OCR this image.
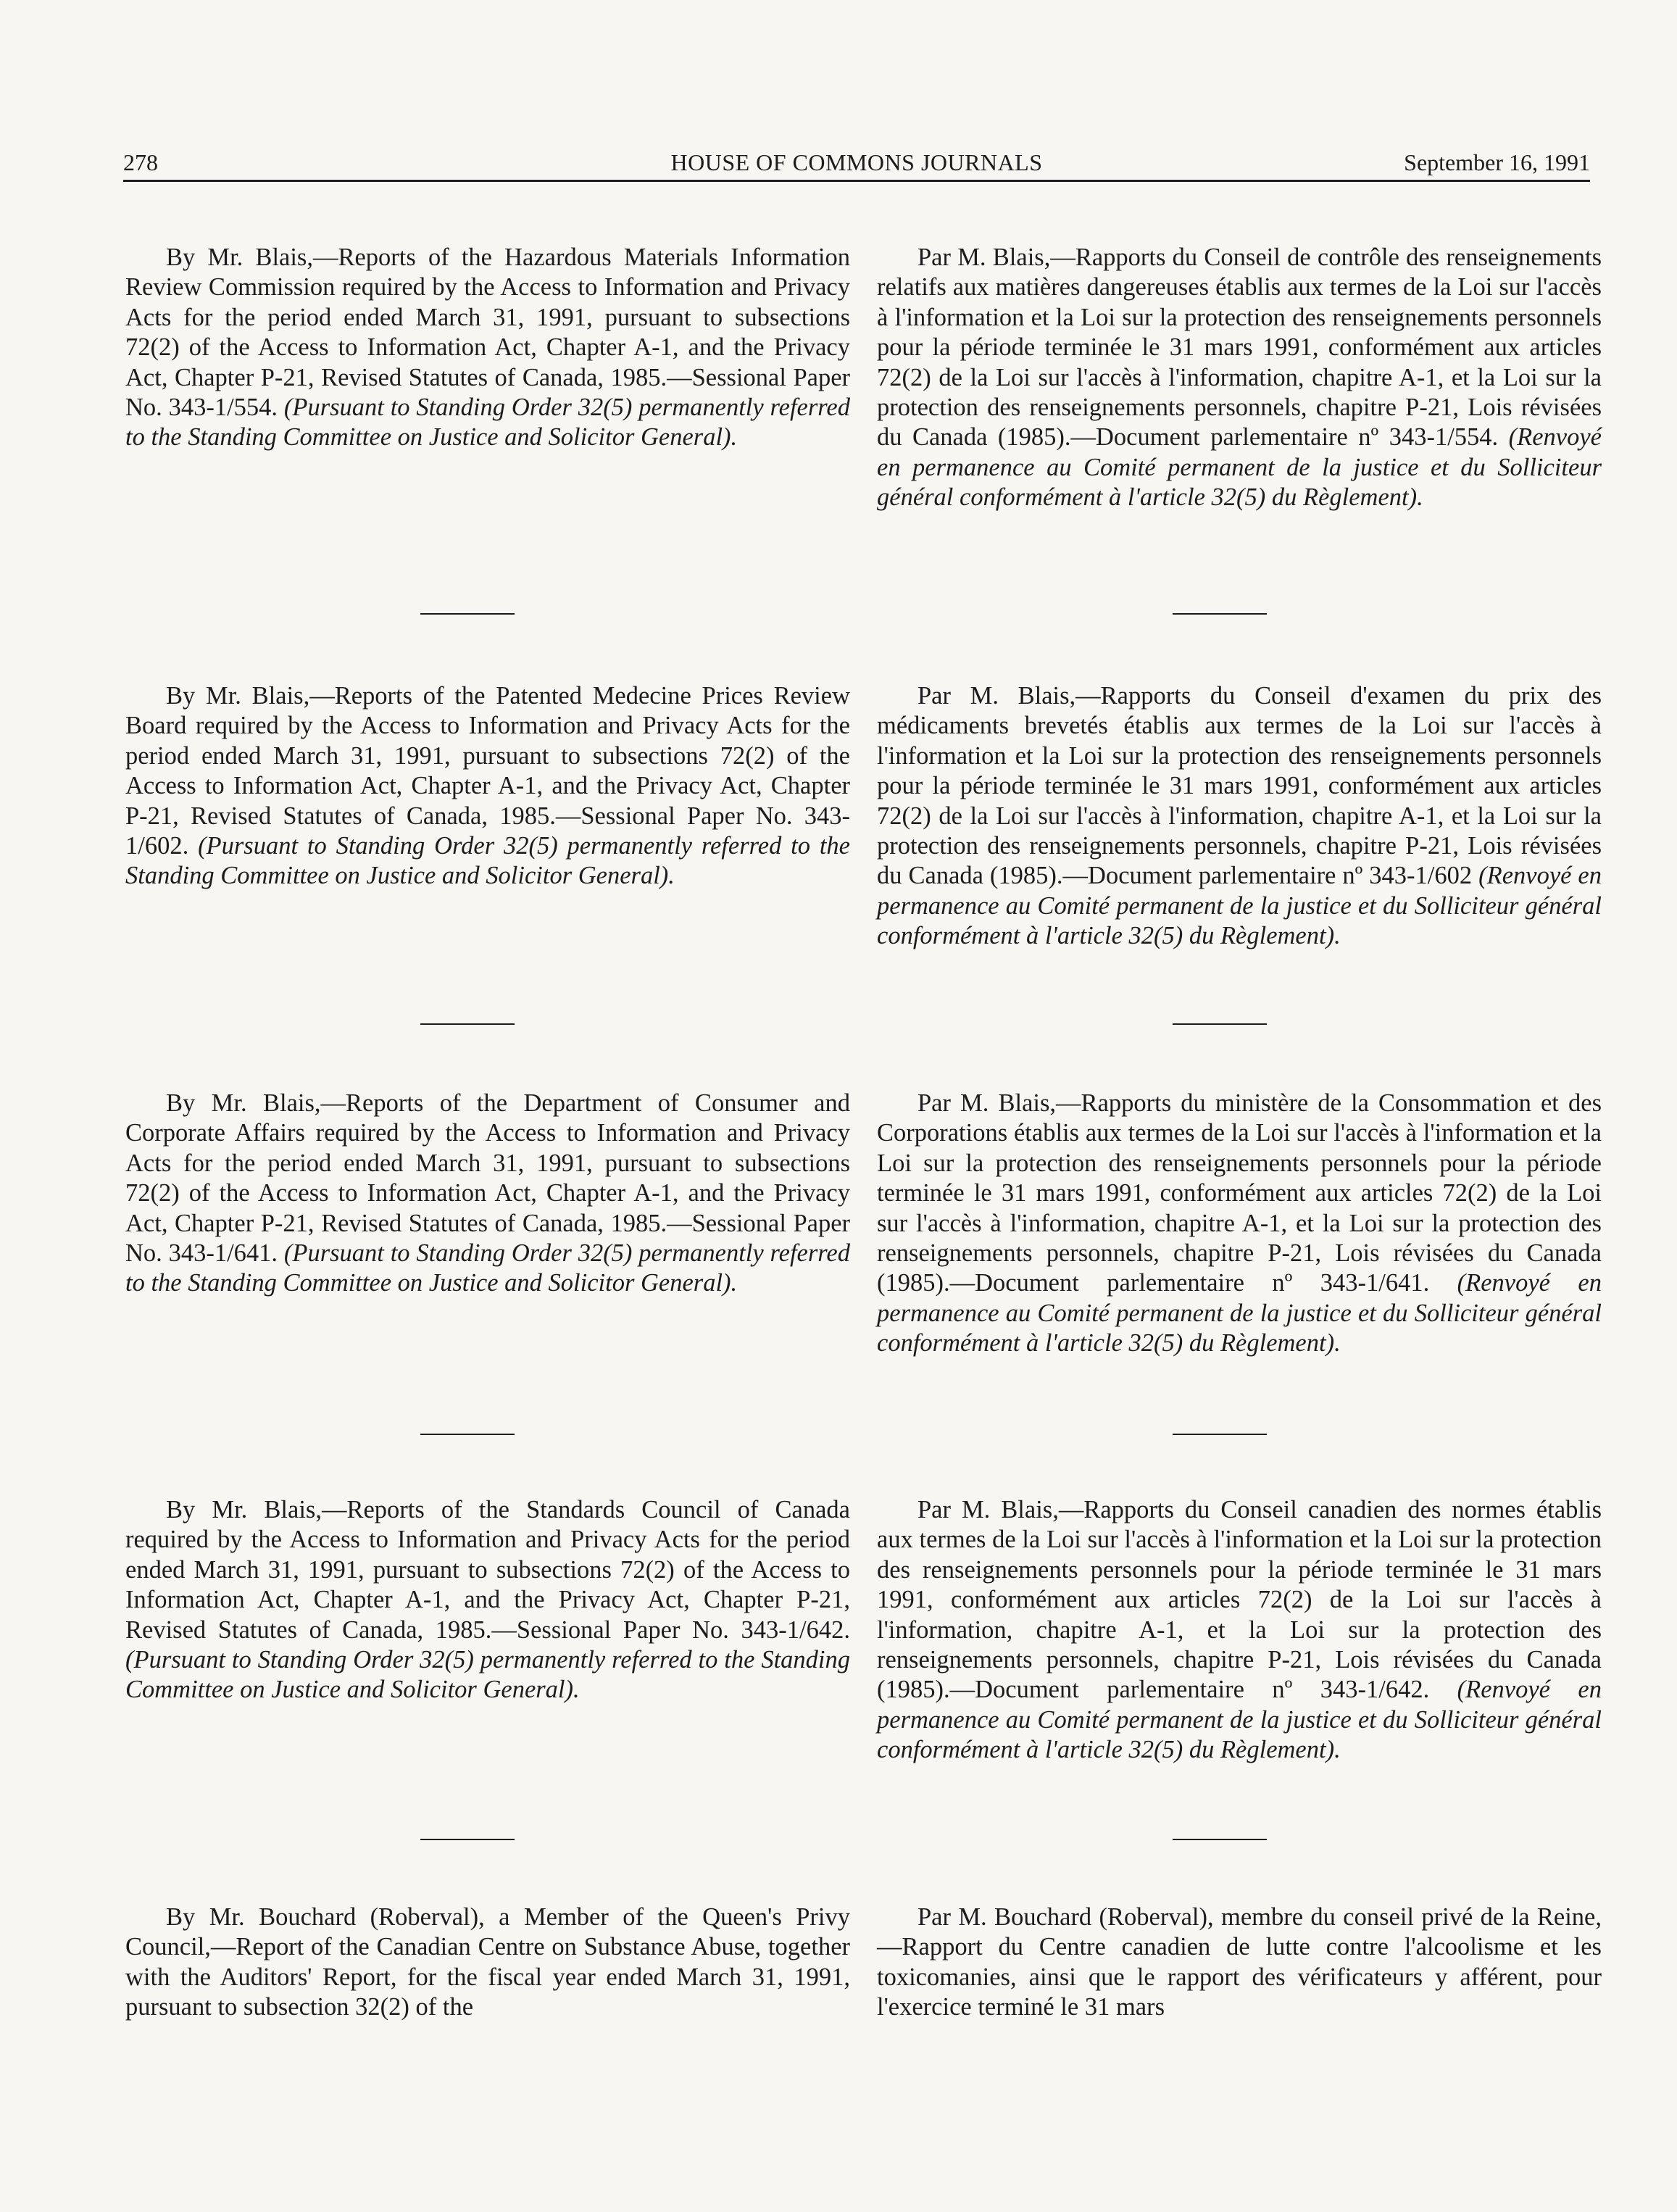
278	HOUSE OF COMMONS JOURNALS	September 16, 1991

By Mr. Blais,—Reports of the Hazardous Materials Information Review Commission required by the Access to Information and Privacy Acts for the period ended March 31, 1991, pursuant to subsections 72(2) of the Access to Information Act, Chapter A-1, and the Privacy Act, Chapter P-21, Revised Statutes of Canada, 1985.—Sessional Paper No. 343-1/554. (Pursuant to Standing Order 32(5) permanently referred to the Standing Committee on Justice and Solicitor General).

Par M. Blais,—Rapports du Conseil de contrôle des renseignements relatifs aux matières dangereuses établis aux termes de la Loi sur l'accès à l'information et la Loi sur la protection des renseignements personnels pour la période terminée le 31 mars 1991, conformément aux articles 72(2) de la Loi sur l'accès à l'information, chapitre A-1, et la Loi sur la protection des renseignements personnels, chapitre P-21, Lois révisées du Canada (1985).—Document parlementaire nº 343-1/554. (Renvoyé en permanence au Comité permanent de la justice et du Solliciteur général conformément à l'article 32(5) du Règlement).

By Mr. Blais,—Reports of the Patented Medecine Prices Review Board required by the Access to Information and Privacy Acts for the period ended March 31, 1991, pursuant to subsections 72(2) of the Access to Information Act, Chapter A-1, and the Privacy Act, Chapter P-21, Revised Statutes of Canada, 1985.—Sessional Paper No. 343-1/602. (Pursuant to Standing Order 32(5) permanently referred to the Standing Committee on Justice and Solicitor General).

Par M. Blais,—Rapports du Conseil d'examen du prix des médicaments brevetés établis aux termes de la Loi sur l'accès à l'information et la Loi sur la protection des renseignements personnels pour la période terminée le 31 mars 1991, conformément aux articles 72(2) de la Loi sur l'accès à l'information, chapitre A-1, et la Loi sur la protection des renseignements personnels, chapitre P-21, Lois révisées du Canada (1985).—Document parlementaire nº 343-1/602 (Renvoyé en permanence au Comité permanent de la justice et du Solliciteur général conformément à l'article 32(5) du Règlement).

By Mr. Blais,—Reports of the Department of Consumer and Corporate Affairs required by the Access to Information and Privacy Acts for the period ended March 31, 1991, pursuant to subsections 72(2) of the Access to Information Act, Chapter A-1, and the Privacy Act, Chapter P-21, Revised Statutes of Canada, 1985.—Sessional Paper No. 343-1/641. (Pursuant to Standing Order 32(5) permanently referred to the Standing Committee on Justice and Solicitor General).

Par M. Blais,—Rapports du ministère de la Consommation et des Corporations établis aux termes de la Loi sur l'accès à l'information et la Loi sur la protection des renseignements personnels pour la période terminée le 31 mars 1991, conformément aux articles 72(2) de la Loi sur l'accès à l'information, chapitre A-1, et la Loi sur la protection des renseignements personnels, chapitre P-21, Lois révisées du Canada (1985).—Document parlementaire nº 343-1/641. (Renvoyé en permanence au Comité permanent de la justice et du Solliciteur général conformément à l'article 32(5) du Règlement).

By Mr. Blais,—Reports of the Standards Council of Canada required by the Access to Information and Privacy Acts for the period ended March 31, 1991, pursuant to subsections 72(2) of the Access to Information Act, Chapter A-1, and the Privacy Act, Chapter P-21, Revised Statutes of Canada, 1985.—Sessional Paper No. 343-1/642. (Pursuant to Standing Order 32(5) permanently referred to the Standing Committee on Justice and Solicitor General).

Par M. Blais,—Rapports du Conseil canadien des normes établis aux termes de la Loi sur l'accès à l'information et la Loi sur la protection des renseignements personnels pour la période terminée le 31 mars 1991, conformément aux articles 72(2) de la Loi sur l'accès à l'information, chapitre A-1, et la Loi sur la protection des renseignements personnels, chapitre P-21, Lois révisées du Canada (1985).—Document parlementaire nº 343-1/642. (Renvoyé en permanence au Comité permanent de la justice et du Solliciteur général conformément à l'article 32(5) du Règlement).

By Mr. Bouchard (Roberval), a Member of the Queen's Privy Council,—Report of the Canadian Centre on Substance Abuse, together with the Auditors' Report, for the fiscal year ended March 31, 1991, pursuant to subsection 32(2) of the

Par M. Bouchard (Roberval), membre du conseil privé de la Reine,—Rapport du Centre canadien de lutte contre l'alcoolisme et les toxicomanies, ainsi que le rapport des vérificateurs y afférent, pour l'exercice terminé le 31 mars
